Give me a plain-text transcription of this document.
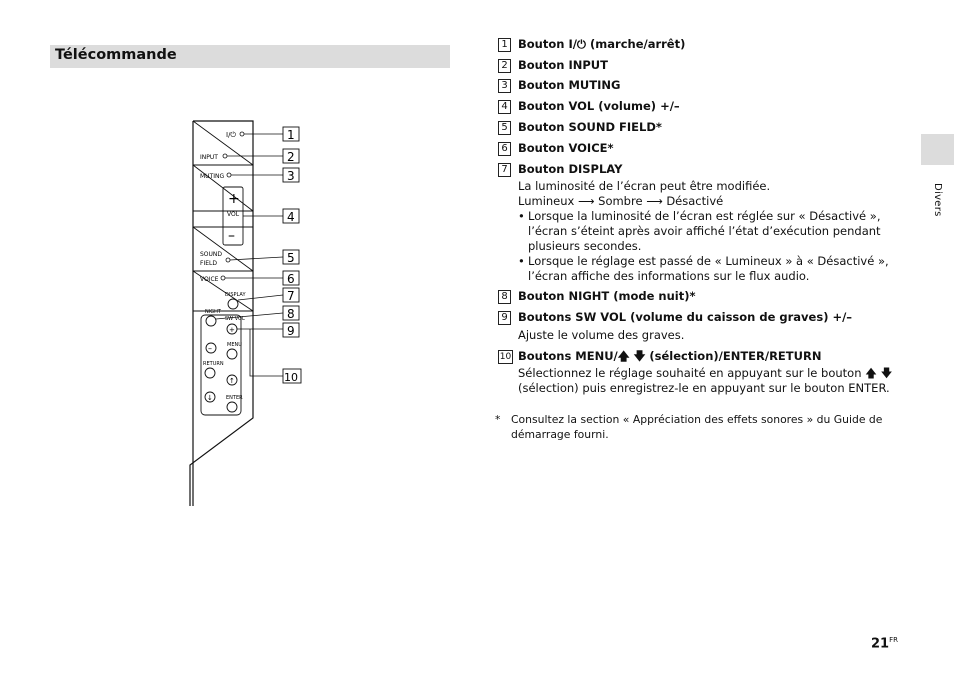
Télécommande
Divers
I/⏻
INPUT
MUTING
+
VOL
–
SOUND
FIELD
VOICE
DISPLAY
NIGHT
SW VOL
+
–	MENU
RETURN
↑
↓	ENTER
1
2
3
4
5
6
7
8
9
10
1 Bouton I/⏻ (marche/arrêt)
2 Bouton INPUT
3 Bouton MUTING
4 Bouton VOL (volume) +/–
5 Bouton SOUND FIELD*
6 Bouton VOICE*
7 Bouton DISPLAY
La luminosité de l’écran peut être modifiée.
Lumineux ⟶ Sombre ⟶ Désactivé
• Lorsque la luminosité de l’écran est réglée sur « Désactivé », l’écran s’éteint après avoir affiché l’état d’exécution pendant plusieurs secondes.
• Lorsque le réglage est passé de « Lumineux » à « Désactivé », l’écran affiche des informations sur le flux audio.
8 Bouton NIGHT (mode nuit)*
9 Boutons SW VOL (volume du caisson de graves) +/–
Ajuste le volume des graves.
10 Boutons MENU/🡅 🡇 (sélection)/ENTER/RETURN
Sélectionnez le réglage souhaité en appuyant sur le bouton 🡅 🡇 (sélection) puis enregistrez-le en appuyant sur le bouton ENTER.
* Consultez la section « Appréciation des effets sonores » du Guide de démarrage fourni.
$21^{FR}$
